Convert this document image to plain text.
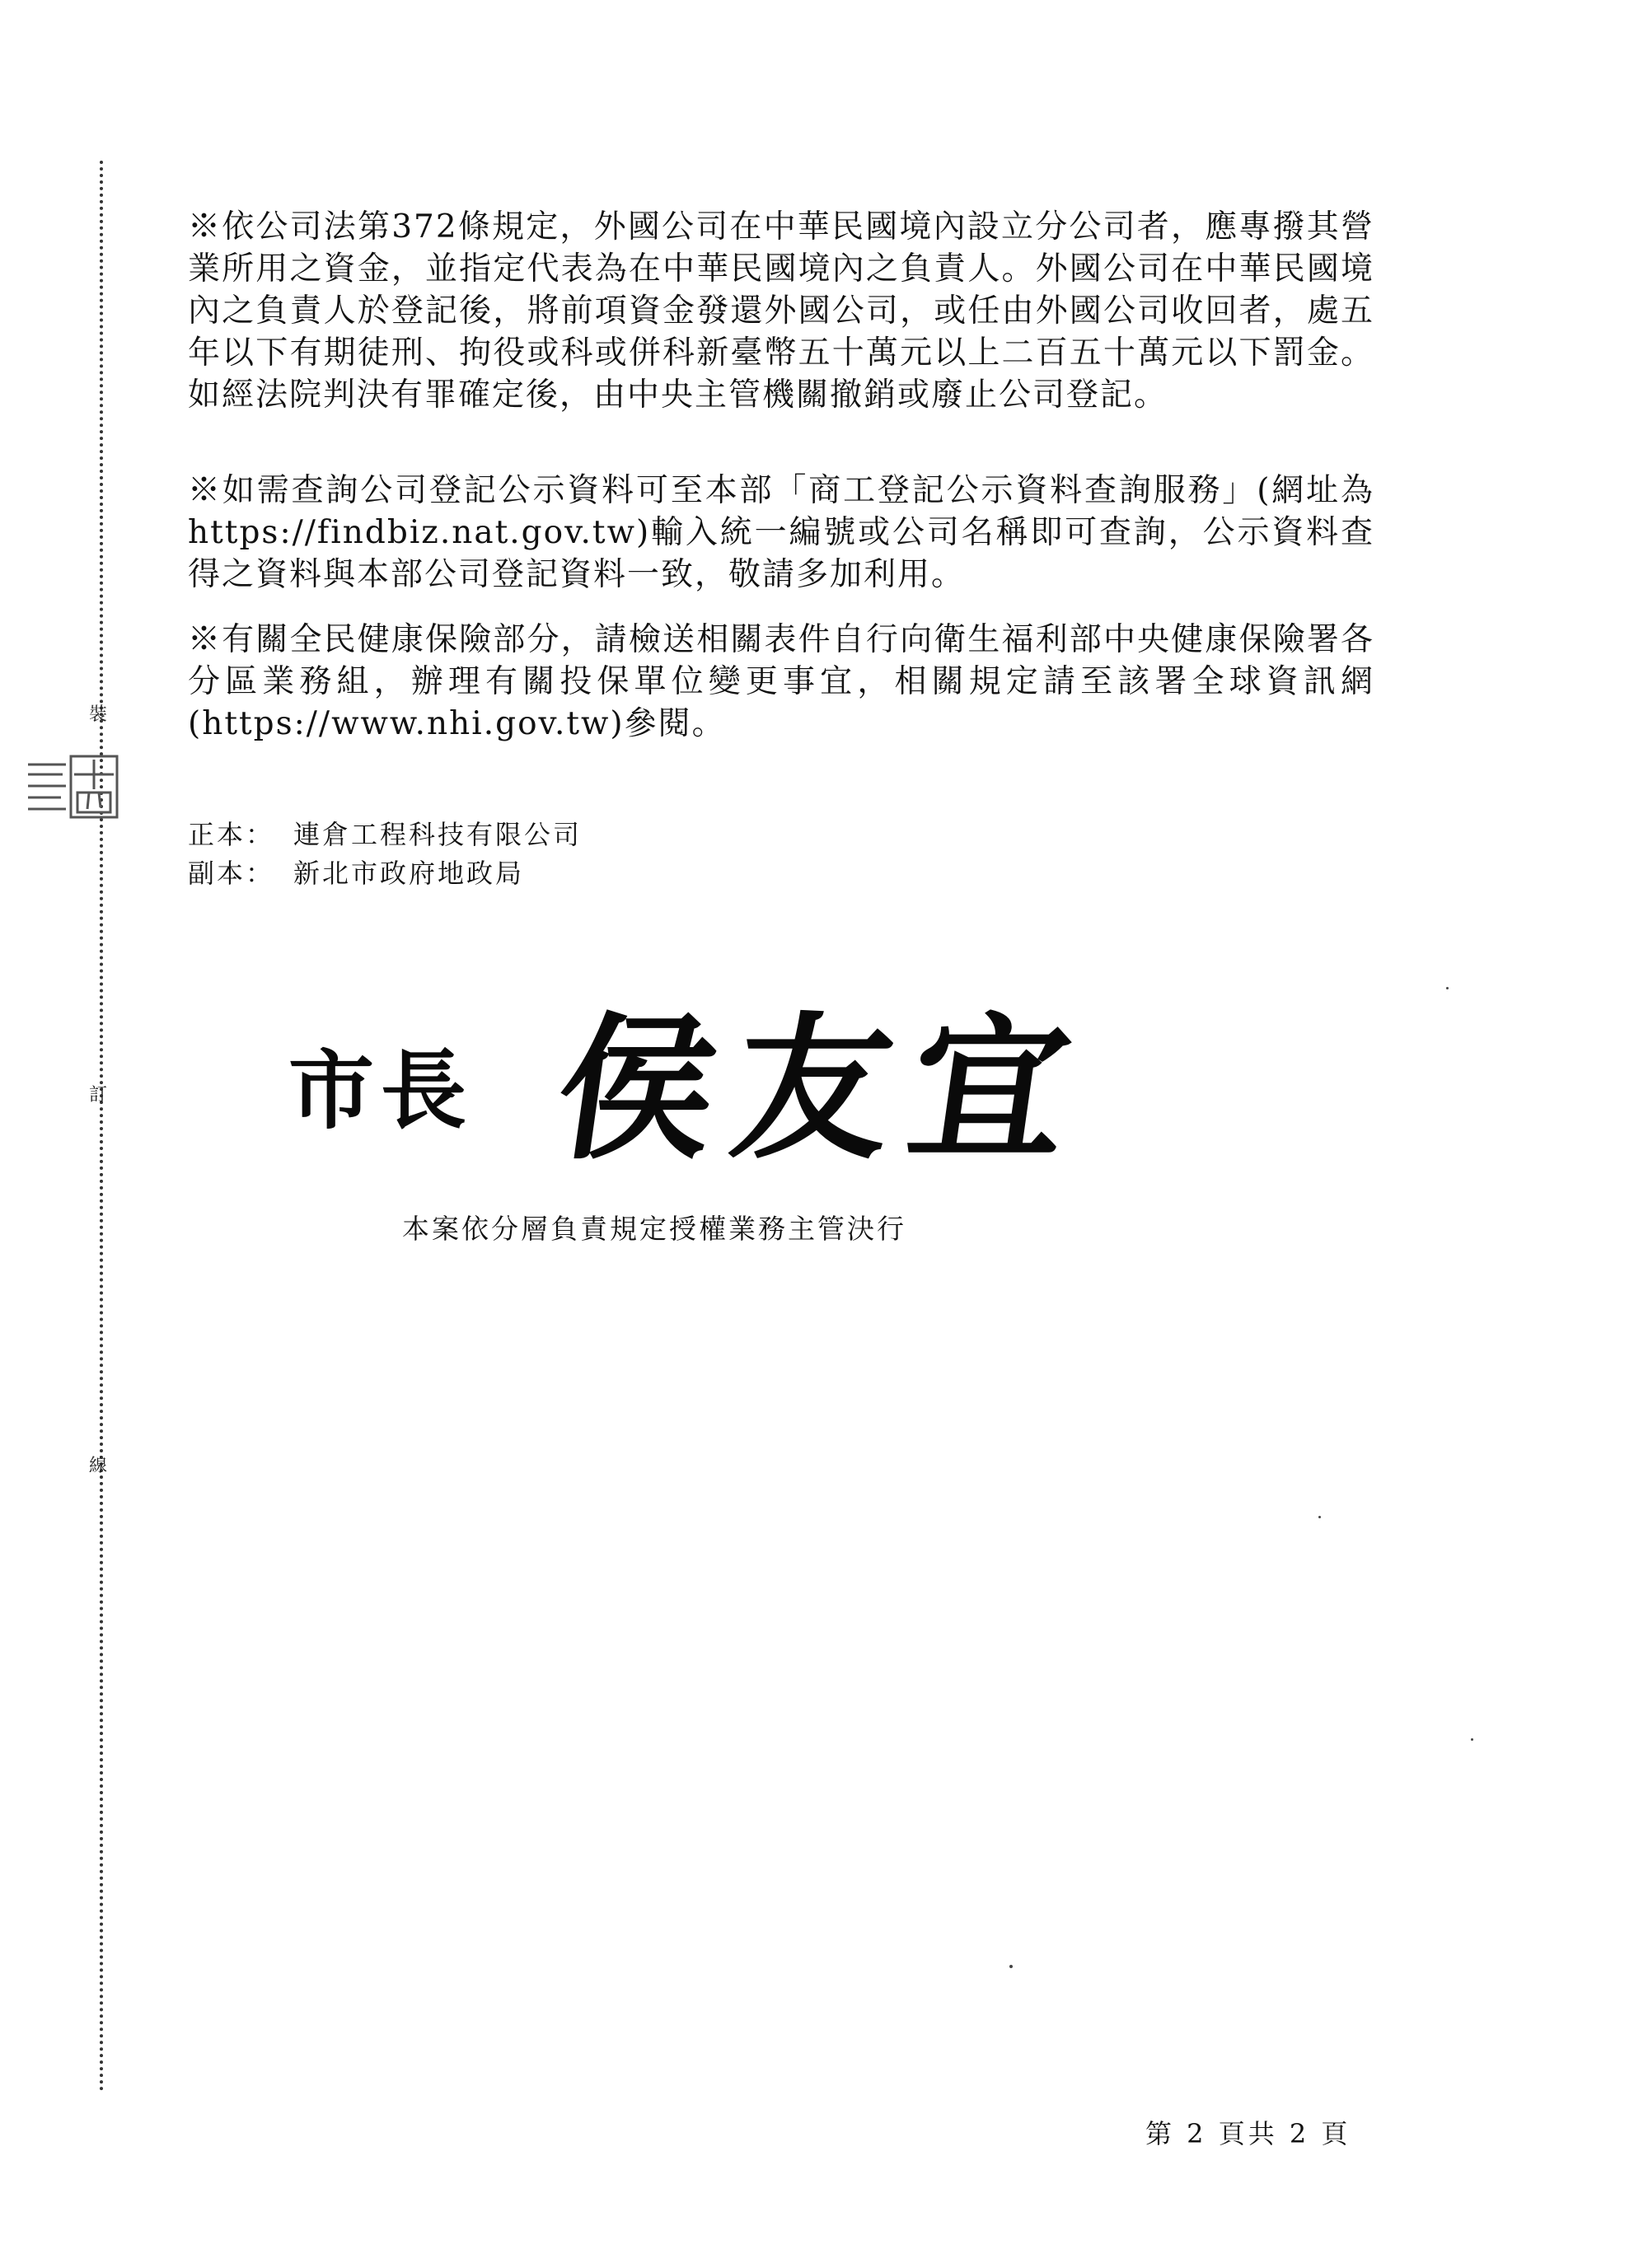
裝
訂
線

※依公司法第372條規定，外國公司在中華民國境內設立分公司者，應專撥其營業所用之資金，並指定代表為在中華民國境內之負責人。外國公司在中華民國境內之負責人於登記後，將前項資金發還外國公司，或任由外國公司收回者，處五年以下有期徒刑、拘役或科或併科新臺幣五十萬元以上二百五十萬元以下罰金。如經法院判決有罪確定後，由中央主管機關撤銷或廢止公司登記。

※如需查詢公司登記公示資料可至本部「商工登記公示資料查詢服務」(網址為https://findbiz.nat.gov.tw)輸入統一編號或公司名稱即可查詢，公示資料查得之資料與本部公司登記資料一致，敬請多加利用。

※有關全民健康保險部分，請檢送相關表件自行向衛生福利部中央健康保險署各分區業務組，辦理有關投保單位變更事宜，相關規定請至該署全球資訊網(https://www.nhi.gov.tw)參閱。

正本： 連倉工程科技有限公司
副本： 新北市政府地政局
市長 侯友宜
本案依分層負責規定授權業務主管決行
第 2 頁共 2 頁
